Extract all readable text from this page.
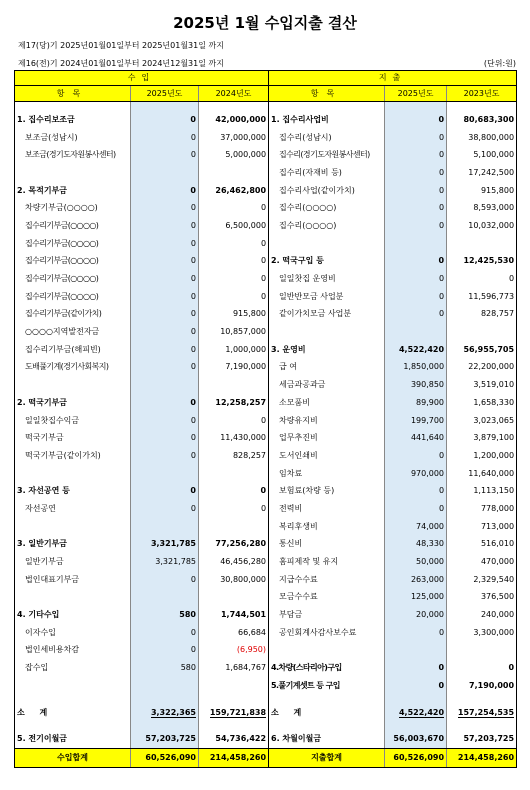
2025년 1월 수입지출 결산
제17(당)기 2025년01월01일부터 2025년01월31일 까지
제16(전)기 2024년01월01일부터 2024년12월31일 까지	(단위:원)
수입			지출		
항목	2025년도	2024년도	항목	2025년도	2023년도

1. 집수리보조금	0	42,000,000	1. 집수리사업비	0	80,683,300
보조금(성남시)	0	37,000,000	집수리(성남시)	0	38,800,000
보조금(경기도자원봉사센터)	0	5,000,000	집수리(경기도자원봉사센터)	0	5,100,000
			집수리(자재비 등)	0	17,242,500
2. 목적기부금	0	26,462,800	집수리사업(같이가치)	0	915,800
차량기부금(○○○○)	0	0	집수리(○○○○)	0	8,593,000
집수리기부금(○○○○)	0	6,500,000	집수리(○○○○)	0	10,032,000
집수리기부금(○○○○)	0	0			
집수리기부금(○○○○)	0	0	2. 떡국구입 등	0	12,425,530
집수리기부금(○○○○)	0	0	일일찻집 운영비	0	0
집수리기부금(○○○○)	0	0	일반반모금 사업분	0	11,596,773
집수리기부금(같이가치)	0	915,800	같이가치모금 사업분	0	828,757
○○○○지역발전자금	0	10,857,000			
집수리기부금(해피빈)	0	1,000,000	3. 운영비	4,522,420	56,955,705
도배풀기계(경기사회복지)	0	7,190,000	급 여	1,850,000	22,200,000
			세금과공과금	390,850	3,519,010
2. 떡국기부금	0	12,258,257	소모품비	89,900	1,658,330
일일찻집수익금	0	0	차량유지비	199,700	3,023,065
떡국기부금	0	11,430,000	업무추진비	441,640	3,879,100
떡국기부금(같이가치)	0	828,257	도서인쇄비	0	1,200,000
			임차료	970,000	11,640,000
3. 자선공연 등	0	0	보험료(차량 등)	0	1,113,150
자선공연	0	0	전력비	0	778,000
			복리후생비	74,000	713,000
3. 일반기부금	3,321,785	77,256,280	통신비	48,330	516,010
일반기부금	3,321,785	46,456,280	홈피제작 및 유지	50,000	470,000
법인대표기부금	0	30,800,000	지급수수료	263,000	2,329,540
			모금수수료	125,000	376,500
4. 기타수입	580	1,744,501	부담금	20,000	240,000
이자수입	0	66,684	공인회계사감사보수료	0	3,300,000
법인세비용차감	0	(6,950)			
잡수입	580	1,684,767	4.차량(스타리아)구입	0	0
			5.풀기계셋트 등 구입	0	7,190,000

소 계	3,322,365	159,721,838	소 계	4,522,420	157,254,535

5. 전기이월금	57,203,725	54,736,422	6. 차월이월금	56,003,670	57,203,725
수입합계	60,526,090	214,458,260	지출합계	60,526,090	214,458,260
